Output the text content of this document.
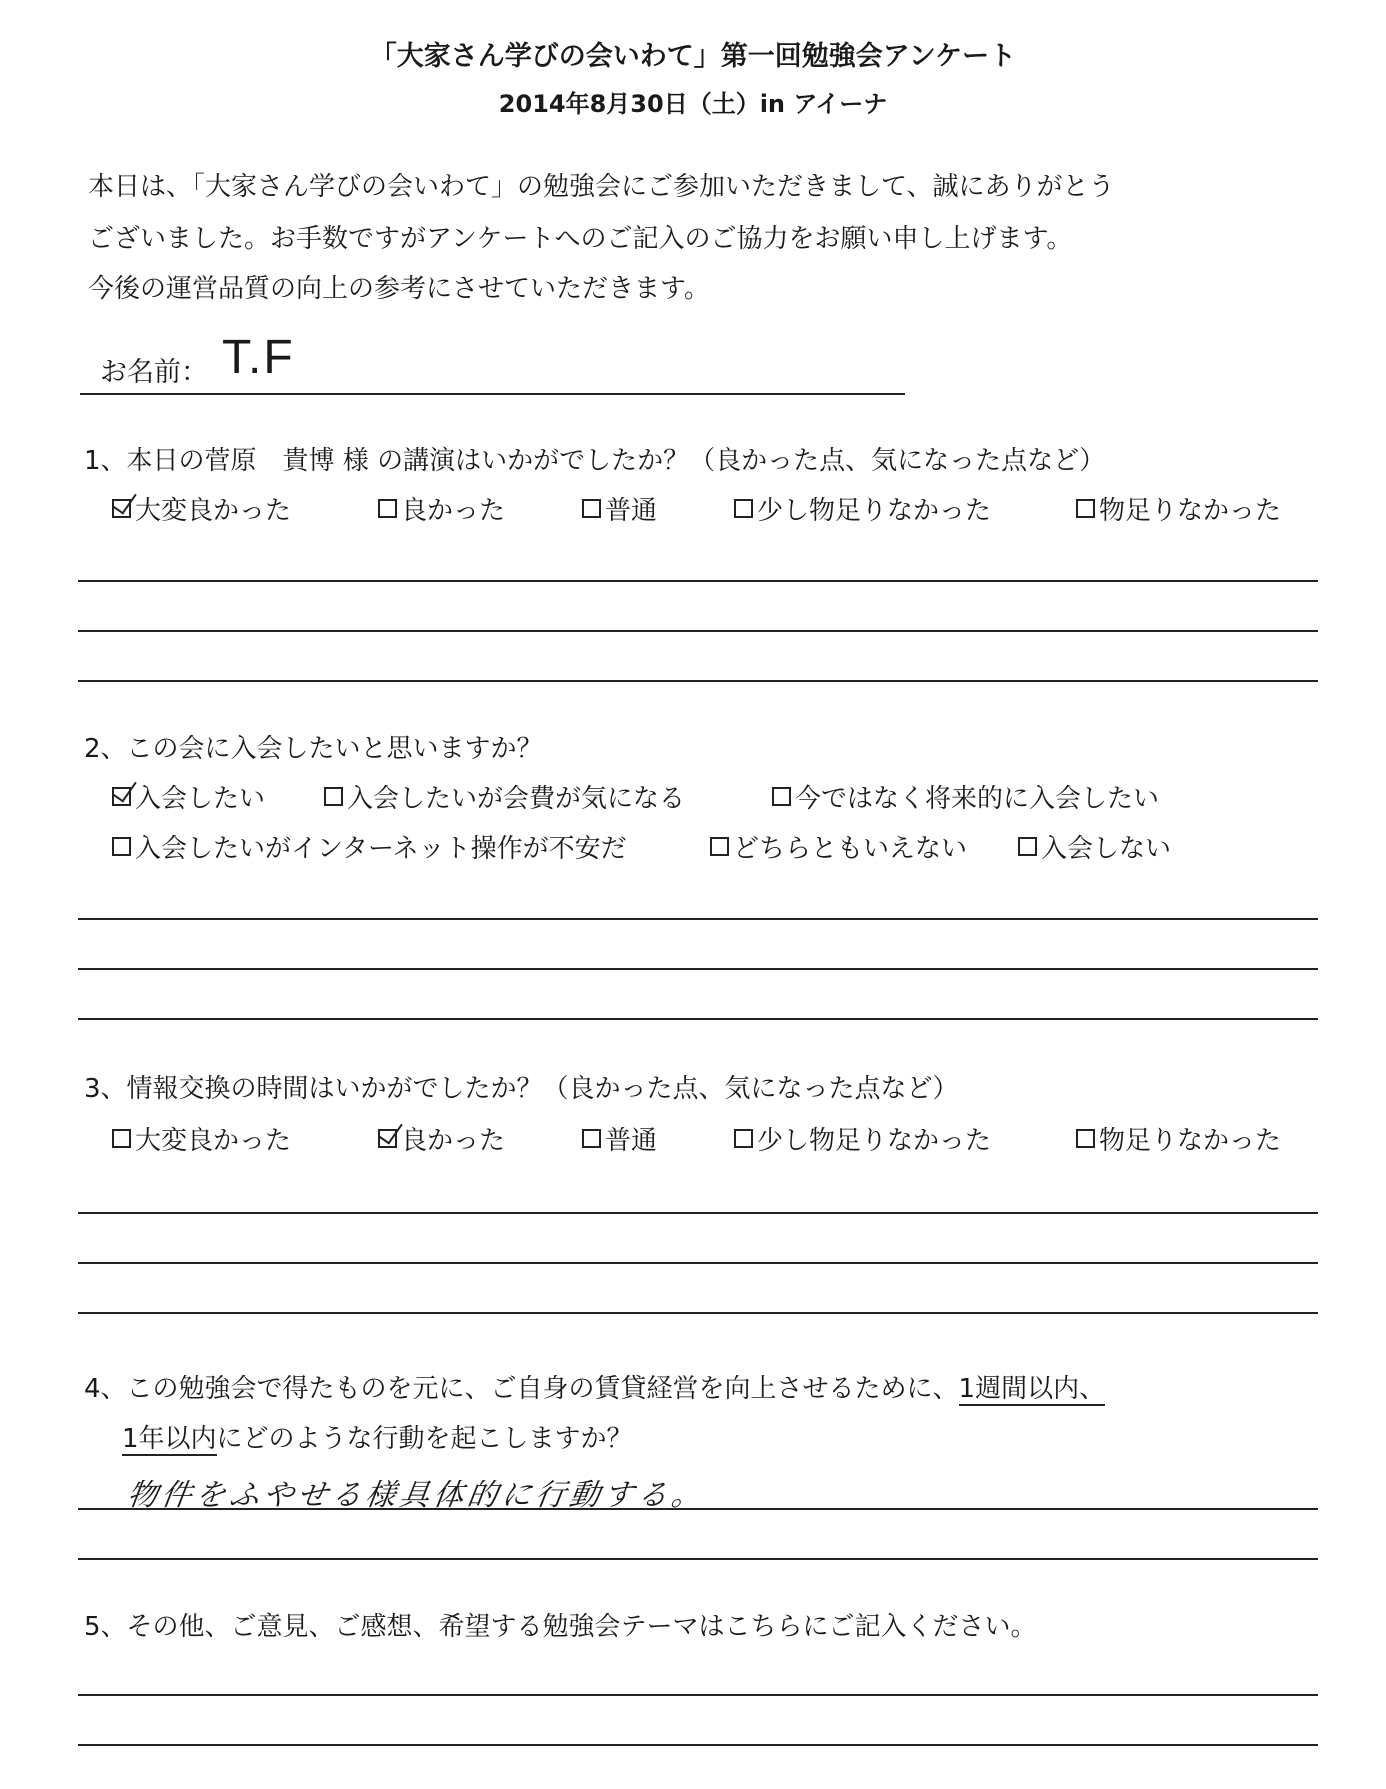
「大家さん学びの会いわて」第一回勉強会アンケート
2014年8月30日（土）in アイーナ
本日は、「大家さん学びの会いわて」の勉強会にご参加いただきまして、誠にありがとう
ございました。お手数ですがアンケートへのご記入のご協力をお願い申し上げます。
今後の運営品質の向上の参考にさせていただきます。
お名前： T.F
1、本日の菅原　貴博 様 の講演はいかがでしたか？（良かった点、気になった点など）
大変良かった	良かった	普通	少し物足りなかった	物足りなかった
2、この会に入会したいと思いますか？
入会したい	入会したいが会費が気になる	今ではなく将来的に入会したい
入会したいがインターネット操作が不安だ	どちらともいえない	入会しない
3、情報交換の時間はいかがでしたか？（良かった点、気になった点など）
大変良かった	良かった	普通	少し物足りなかった	物足りなかった
4、この勉強会で得たものを元に、ご自身の賃貸経営を向上させるために、1週間以内、
1年以内にどのような行動を起こしますか？
物件をふやせる様具体的に行動する。
5、その他、ご意見、ご感想、希望する勉強会テーマはこちらにご記入ください。
